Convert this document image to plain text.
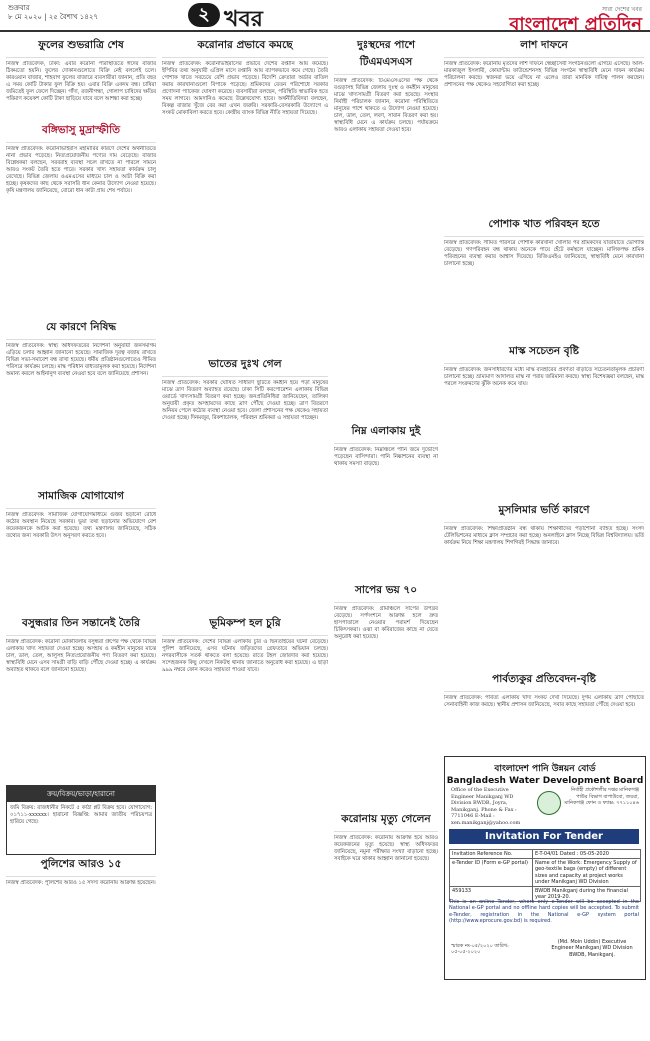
শুক্রবার
৮ মে ২০২০ | ২৫ বৈশাখ ১৪২৭	২ খবর	সারা দেশের খবর
বাংলাদেশ প্রতিদিন
ফুলের শুভরাত্রি শেষ
নিজস্ব প্রতিবেদক, ঢাকা: এবার করোনা পরিস্থিতিতে ঈদের বাজার ঠিকমতো হয়নি। ফুলের দোকানগুলোতে বিক্রি নেই বললেই চলে। কারওয়ান বাজার, শাহবাগ ফুলের বাজারে ব্যবসায়ীরা জানান, প্রতি বছর এ সময় কোটি টাকার ফুল বিক্রি হয়। এবার বিক্রি একদম বন্ধ। চাষিরা জমিতেই ফুল ফেলে দিচ্ছেন। গাঁদা, রজনীগন্ধা, গোলাপ চাষিদের ক্ষতির পরিমাণ কয়েকশ কোটি টাকা ছাড়িয়ে যাবে বলে আশঙ্কা করা হচ্ছে।
বঙ্গিভাসু মুদ্রাস্ফীতি
নিজস্ব প্রতিবেদক: করোনাভাইরাস মহামারির কারণে দেশের অর্থনীতিতে নানা প্রভাব পড়েছে। নিত্যপ্রয়োজনীয় পণ্যের দাম বেড়েছে। বাজার বিশ্লেষকরা বলছেন, সরবরাহ ব্যবস্থা সচল রাখতে না পারলে সামনে আরও সংকট তৈরি হতে পারে। সরকার খাদ্য সহায়তা কার্যক্রম চালু রেখেছে। বিভিন্ন জেলায় ওএমএসের মাধ্যমে চাল ও আটা বিক্রি করা হচ্ছে। কৃষকদের কাছ থেকে সরাসরি ধান কেনার উদ্যোগ নেওয়া হয়েছে। কৃষি মন্ত্রণালয় জানিয়েছে, বোরো ধান কাটা প্রায় শেষ পর্যায়ে।
যে কারণে নিষিদ্ধ
নিজস্ব প্রতিবেদক: স্বাস্থ্য অধিদফতরের নির্দেশনা অনুযায়ী জনসমাগম এড়িয়ে চলার আহ্বান জানানো হয়েছে। সামাজিক দূরত্ব বজায় রাখতে বিভিন্ন সভা-সমাবেশ বন্ধ রাখা হয়েছে। ধর্মীয় প্রতিষ্ঠানগুলোতেও সীমিত পরিসরে কার্যক্রম চলছে। মাস্ক পরিধান বাধ্যতামূলক করা হয়েছে। নির্দেশনা অমান্য করলে আইনানুগ ব্যবস্থা নেওয়া হবে বলে জানিয়েছে প্রশাসন।
সামাজিক যোগাযোগ
নিজস্ব প্রতিবেদক: সামাজিক যোগাযোগমাধ্যমে গুজব ছড়ানো রোধে কঠোর অবস্থান নিয়েছে সরকার। ভুয়া তথ্য ছড়ানোর অভিযোগে বেশ কয়েকজনকে আটক করা হয়েছে। তথ্য মন্ত্রণালয় জানিয়েছে, সঠিক তথ্যের জন্য সরকারি উৎস অনুসরণ করতে হবে।
বসুন্ধরার তিন সন্তানেই তৈরি
নিজস্ব প্রতিবেদক: করোনা মোকাবিলায় বসুন্ধরা গ্রুপের পক্ষ থেকে বিভিন্ন এলাকায় খাদ্য সহায়তা দেওয়া হচ্ছে। অসহায় ও কর্মহীন মানুষের মাঝে চাল, ডাল, তেল, আলুসহ নিত্যপ্রয়োজনীয় পণ্য বিতরণ করা হয়েছে। স্বাস্থ্যবিধি মেনে এসব সামগ্রী বাড়ি বাড়ি পৌঁছে দেওয়া হচ্ছে। এ কার্যক্রম অব্যাহত থাকবে বলে জানানো হয়েছে।
ক্রয়/বিক্রয়/ভাড়া/হারানো
জমি বিক্রয়: রাজধানীর নিকটে ৫ কাঠা প্লট বিক্রয় হবে। যোগাযোগ: ০১৭১১-xxxxxx। হারানো বিজ্ঞপ্তি: আমার জাতীয় পরিচয়পত্র হারিয়ে গেছে।
পুলিশের আরও ১৫
নিজস্ব প্রতিবেদক: পুলিশের আরও ১৫ সদস্য করোনায় আক্রান্ত হয়েছেন।
করোনার প্রভাবে কমছে
নিজস্ব প্রতিবেদক: করোনাভাইরাসের প্রভাবে দেশের রপ্তানি আয় কমেছে। ইপিবির তথ্য অনুযায়ী এপ্রিল মাসে রপ্তানি আয় ব্যাপকভাবে কমে গেছে। তৈরি পোশাক খাতে সবচেয়ে বেশি প্রভাব পড়েছে। বিদেশি ক্রেতারা অর্ডার বাতিল করায় কারখানাগুলো বিপাকে পড়েছে। শ্রমিকদের বেতন পরিশোধে সরকার প্রণোদনা প্যাকেজ ঘোষণা করেছে। ব্যবসায়ীরা বলছেন, পরিস্থিতি স্বাভাবিক হতে সময় লাগবে। আমদানিও কমেছে উল্লেখযোগ্য হারে। অর্থনীতিবিদরা বলছেন, বিকল্প বাজার খুঁজে বের করা এখন জরুরি। সরকারি-বেসরকারি উদ্যোগে এ সংকট মোকাবিলা করতে হবে। কেন্দ্রীয় ব্যাংক বিভিন্ন নীতি সহায়তা দিয়েছে।
ভাতের দুঃখ গেল
নিজস্ব প্রতিবেদক: সরকার ঘোষিত সাধারণ ছুটিতে কর্মহীন হয়ে পড়া মানুষের মাঝে ত্রাণ বিতরণ অব্যাহত রয়েছে। ঢাকা সিটি করপোরেশন এলাকায় বিভিন্ন ওয়ার্ডে খাদ্যসামগ্রী বিতরণ করা হচ্ছে। জনপ্রতিনিধিরা জানিয়েছেন, তালিকা অনুযায়ী প্রকৃত অসহায়দের কাছে ত্রাণ পৌঁছে দেওয়া হচ্ছে। ত্রাণ বিতরণে অনিয়ম পেলে কঠোর ব্যবস্থা নেওয়া হবে। জেলা প্রশাসনের পক্ষ থেকেও সহায়তা দেওয়া হচ্ছে। দিনমজুর, রিকশাচালক, পরিবহন শ্রমিকরা এ সহায়তা পাচ্ছেন।
ভূমিকম্প হল চুরি
নিজস্ব প্রতিবেদক: দেশের বিভিন্ন এলাকায় চুরি ও ছিনতাইয়ের ঘটনা বেড়েছে। পুলিশ জানিয়েছে, এসব ঘটনায় জড়িতদের গ্রেফতারে অভিযান চলছে। নগরবাসীকে সতর্ক থাকতে বলা হয়েছে। রাতে টহল জোরদার করা হয়েছে। সন্দেহজনক কিছু দেখলে নিকটস্থ থানায় জানাতে অনুরোধ করা হয়েছে। এ ছাড়া ৯৯৯ নম্বরে ফোন করেও সহায়তা পাওয়া যাবে।
দুঃস্থদের পাশে টিএমএসএস
নিজস্ব প্রতিবেদক: টিএমএসএসের পক্ষ থেকে বগুড়াসহ বিভিন্ন জেলায় দুঃস্থ ও কর্মহীন মানুষের মাঝে খাদ্যসামগ্রী বিতরণ করা হয়েছে। সংস্থার নির্বাহী পরিচালক জানান, করোনা পরিস্থিতিতে মানুষের পাশে থাকতে এ উদ্যোগ নেওয়া হয়েছে। চাল, ডাল, তেল, লবণ, সাবান বিতরণ করা হয়। স্বাস্থ্যবিধি মেনে এ কার্যক্রম চলছে। পর্যায়ক্রমে আরও এলাকায় সহায়তা দেওয়া হবে।
নিম্ন এলাকায় দুই
নিজস্ব প্রতিবেদক: নিম্নাঞ্চলে পানি জমে দুর্ভোগে পড়েছেন বাসিন্দারা। পানি নিষ্কাশনের ব্যবস্থা না থাকায় সমস্যা বাড়ছে।
সাপের ভয় ৭০
নিজস্ব প্রতিবেদক: গ্রামাঞ্চলে সাপের উপদ্রব বেড়েছে। সর্পদংশনে আক্রান্ত হলে দ্রুত হাসপাতালে নেওয়ার পরামর্শ দিয়েছেন চিকিৎসকরা। ওঝা বা কবিরাজের কাছে না যেতে অনুরোধ করা হয়েছে।
করোনায় মৃত্যু গেলেন
নিজস্ব প্রতিবেদক: করোনায় আক্রান্ত হয়ে আরও কয়েকজনের মৃত্যু হয়েছে। স্বাস্থ্য অধিদফতর জানিয়েছে, নমুনা পরীক্ষার সংখ্যা বাড়ানো হচ্ছে। সবাইকে ঘরে থাকার আহ্বান জানানো হয়েছে।
লাশ দাফনে
নিজস্ব প্রতিবেদক: করোনায় মৃতদের লাশ দাফনে স্বেচ্ছাসেবী সংগঠনগুলো এগিয়ে এসেছে। আল-মারকাজুল ইসলামী, কোয়ান্টাম ফাউন্ডেশনসহ বিভিন্ন সংগঠন স্বাস্থ্যবিধি মেনে দাফন কার্যক্রম পরিচালনা করছে। স্বজনরা ভয়ে এগিয়ে না এলেও তারা মানবিক দায়িত্ব পালন করছেন। প্রশাসনের পক্ষ থেকেও সহযোগিতা করা হচ্ছে।
পোশাক খাত পরিবহন হতে
নিজস্ব প্রতিবেদক: সীমিত পরিসরে পোশাক কারখানা খোলার পর শ্রমিকদের যাতায়াতে ভোগান্তি বেড়েছে। গণপরিবহন বন্ধ থাকায় অনেকে পায়ে হেঁটে কর্মস্থলে যাচ্ছেন। মালিকপক্ষ শ্রমিক পরিবহনের ব্যবস্থা করার আশ্বাস দিয়েছে। বিজিএমইএ জানিয়েছে, স্বাস্থ্যবিধি মেনে কারখানা চালানো হচ্ছে।
মাস্ক সচেতন বৃষ্টি
নিজস্ব প্রতিবেদক: জনসাধারণের মধ্যে মাস্ক ব্যবহারের প্রবণতা বাড়াতে সচেতনতামূলক প্রচারণা চালানো হচ্ছে। ভ্রাম্যমাণ আদালত মাস্ক না পরায় জরিমানা করছে। স্বাস্থ্য বিশেষজ্ঞরা বলছেন, মাস্ক পরলে সংক্রমণের ঝুঁকি অনেক কমে যায়।
মুসলিমার ভর্তি কারণে
নিজস্ব প্রতিবেদক: শিক্ষাপ্রতিষ্ঠান বন্ধ থাকায় শিক্ষার্থীদের পড়াশোনা ব্যাহত হচ্ছে। সংসদ টেলিভিশনের মাধ্যমে ক্লাস সম্প্রচার করা হচ্ছে। অনলাইনে ক্লাস নিচ্ছে বিভিন্ন বিশ্ববিদ্যালয়। ভর্তি কার্যক্রম নিয়ে শিক্ষা মন্ত্রণালয় শিগগিরই সিদ্ধান্ত জানাবে।
পার্বত্যকুর প্রতিবেদন-বৃষ্টি
নিজস্ব প্রতিবেদক: পার্বত্য এলাকায় খাদ্য সংকট দেখা দিয়েছে। দুর্গম এলাকায় ত্রাণ পৌঁছাতে সেনাবাহিনী কাজ করছে। স্থানীয় প্রশাসন জানিয়েছে, সবার কাছে সহায়তা পৌঁছে দেওয়া হবে।
বাংলাদেশ পানি উন্নয়ন বোর্ড
Bangladesh Water Development Board
Office of the Executive Engineer Manikganj WD Division BWDB, Joyra, Manikganj. Phone & Fax : 7711046 E-Mail : xen.manikganj@yahoo.com
নির্বাহী প্রকৌশলীর দপ্তর মানিকগঞ্জ পাউর বিভাগ বাপাউবো, জয়রা, মানিকগঞ্জ ফোন ও ফ্যাক্স: ৭৭১১০৪৬
Invitation For Tender
Invitation Reference No.	E-T-04/01 Dated : 05-05-2020
e-Tender ID (Form e-GP portal)	Name of the Work: Emergency Supply of geo-textile bags (empty) of different sizes and capacity at project works under Manikganj WD Division
459133	BWDB Manikganj during the financial year 2019-20.
This is an online Tender, where only e-Tender will be accepted in the National e-GP portal and no offline hard copies will be accepted. To submit e-Tender, registration in the National e-GP system portal (http://www.eprocure.gov.bd) is required.
স্মারক নং-০৫/২০২০ তারিখ: ০৫-০৫-২০২০
(Md. Moin Uddin) Executive Engineer Manikganj WD Division BWDB, Manikganj.
